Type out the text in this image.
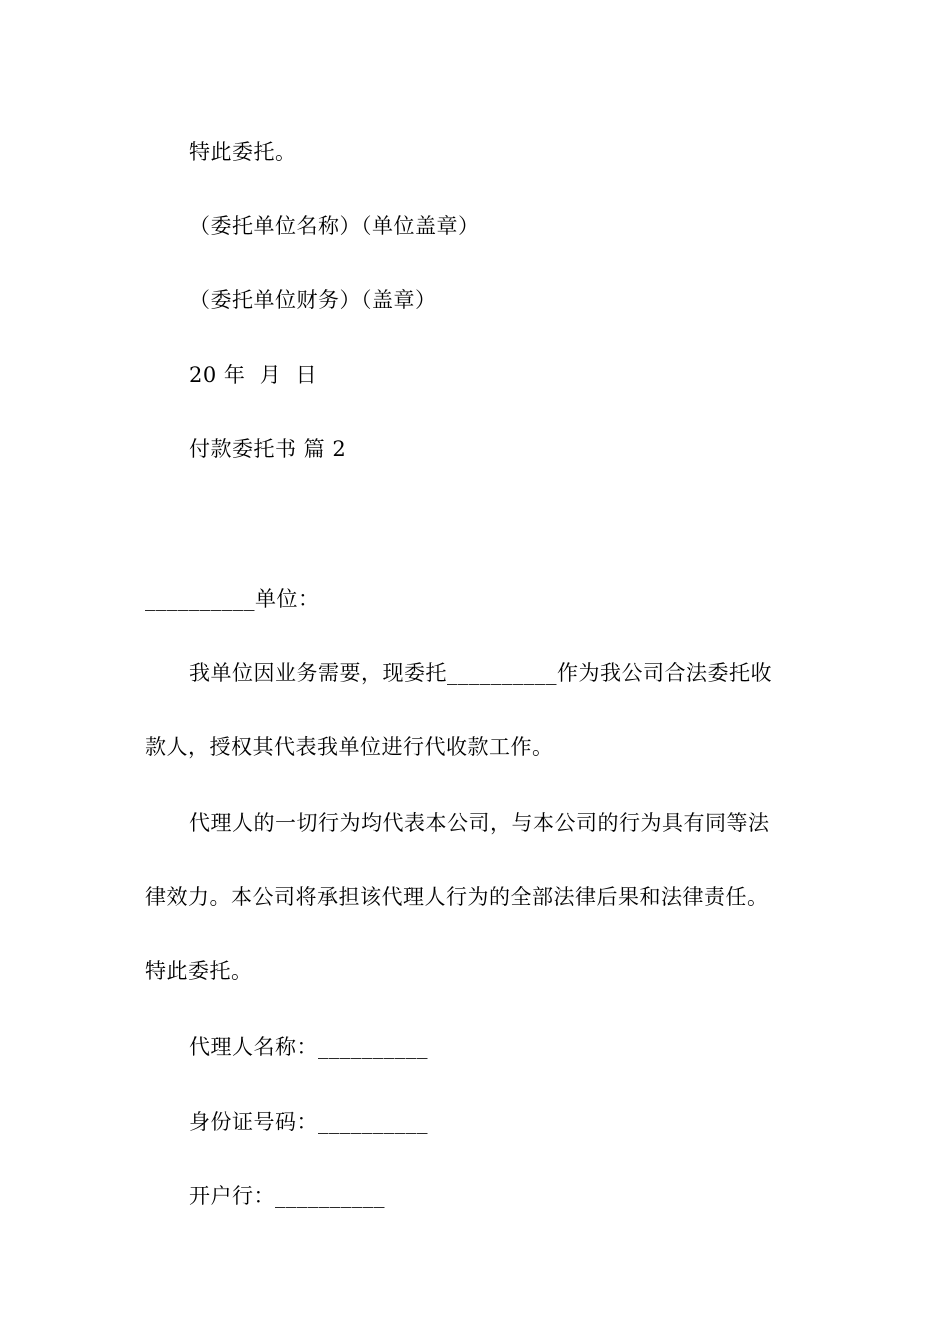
特此委托。
（委托单位名称）（单位盖章）
（委托单位财务）（盖章）
20 年  月  日
付款委托书 篇 2
__________单位：
我单位因业务需要，现委托__________作为我公司合法委托收
款人，授权其代表我单位进行代收款工作。
代理人的一切行为均代表本公司，与本公司的行为具有同等法
律效力。本公司将承担该代理人行为的全部法律后果和法律责任。
特此委托。
代理人名称：__________
身份证号码：__________
开户行：__________
